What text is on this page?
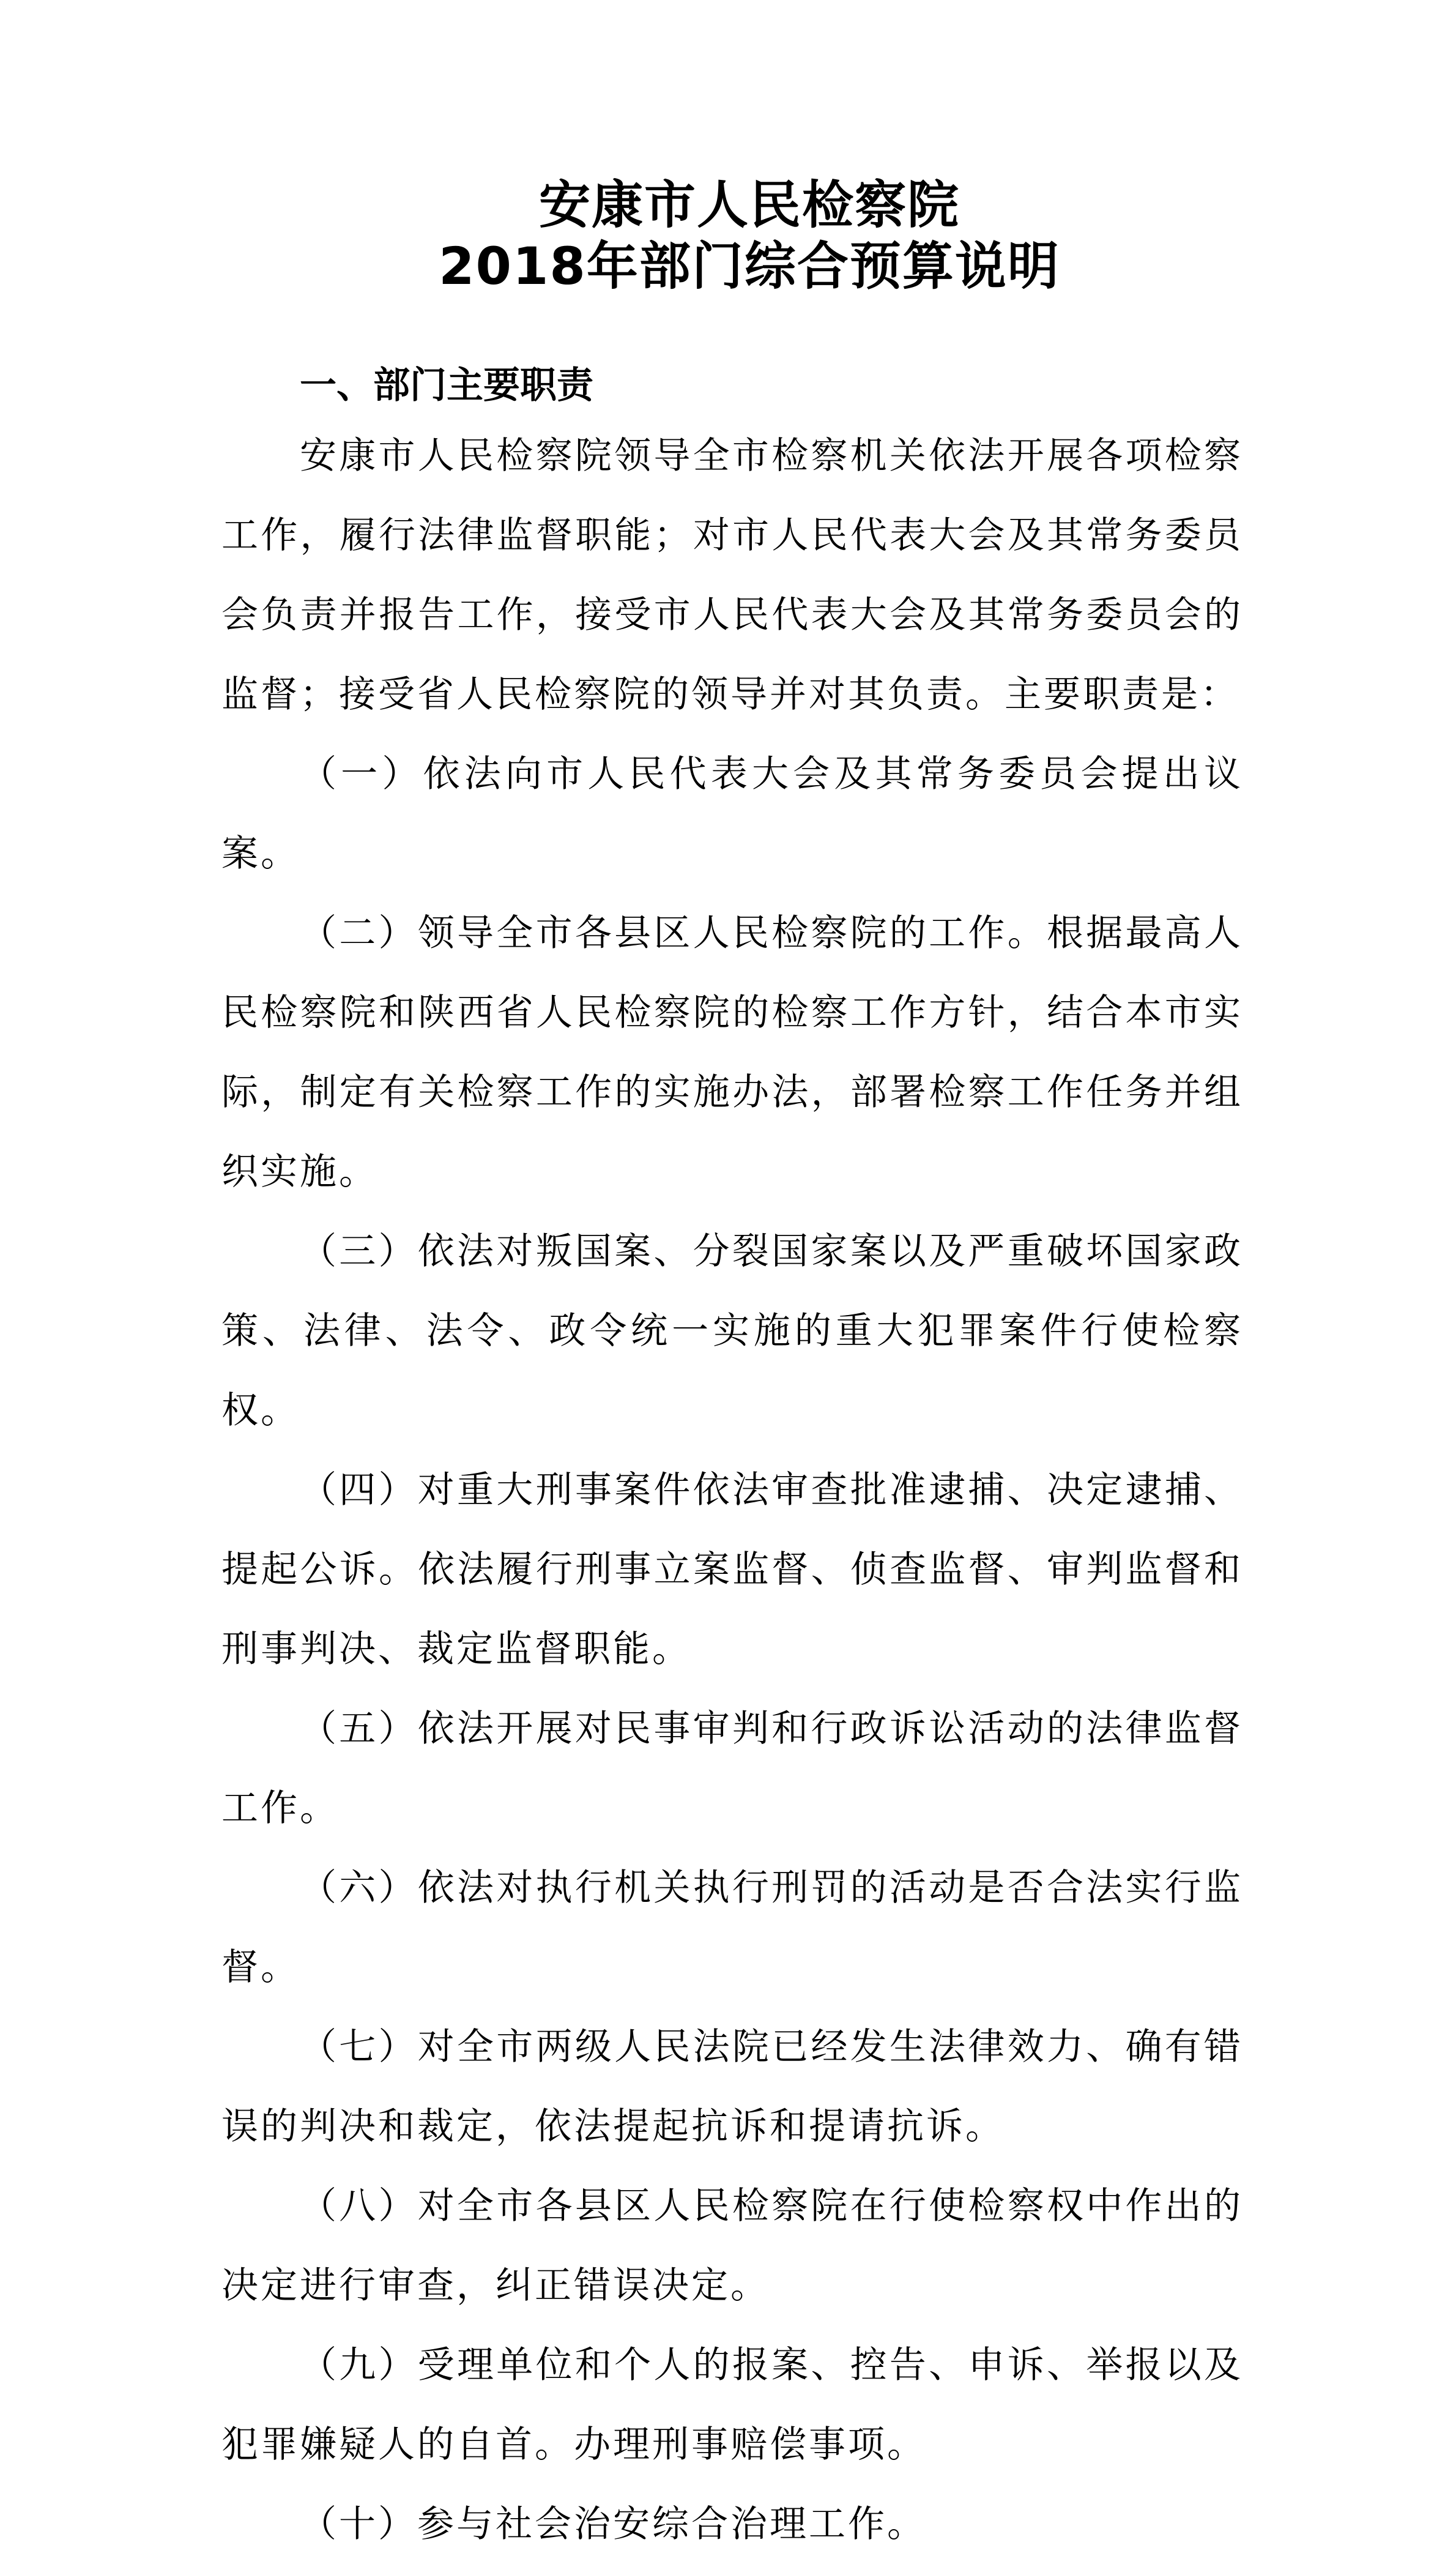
安康市人民检察院
2018年部门综合预算说明
一、部门主要职责

安康市人民检察院领导全市检察机关依法开展各项检察工作，履行法律监督职能；对市人民代表大会及其常务委员会负责并报告工作，接受市人民代表大会及其常务委员会的监督；接受省人民检察院的领导并对其负责。主要职责是：

（一）依法向市人民代表大会及其常务委员会提出议案。

（二）领导全市各县区人民检察院的工作。根据最高人民检察院和陕西省人民检察院的检察工作方针，结合本市实际，制定有关检察工作的实施办法，部署检察工作任务并组织实施。

（三）依法对叛国案、分裂国家案以及严重破坏国家政策、法律、法令、政令统一实施的重大犯罪案件行使检察权。

（四）对重大刑事案件依法审查批准逮捕、决定逮捕、提起公诉。依法履行刑事立案监督、侦查监督、审判监督和刑事判决、裁定监督职能。

（五）依法开展对民事审判和行政诉讼活动的法律监督工作。

（六）依法对执行机关执行刑罚的活动是否合法实行监督。

（七）对全市两级人民法院已经发生法律效力、确有错误的判决和裁定，依法提起抗诉和提请抗诉。

（八）对全市各县区人民检察院在行使检察权中作出的决定进行审查，纠正错误决定。

（九）受理单位和个人的报案、控告、申诉、举报以及犯罪嫌疑人的自首。办理刑事赔偿事项。

（十）参与社会治安综合治理工作。
